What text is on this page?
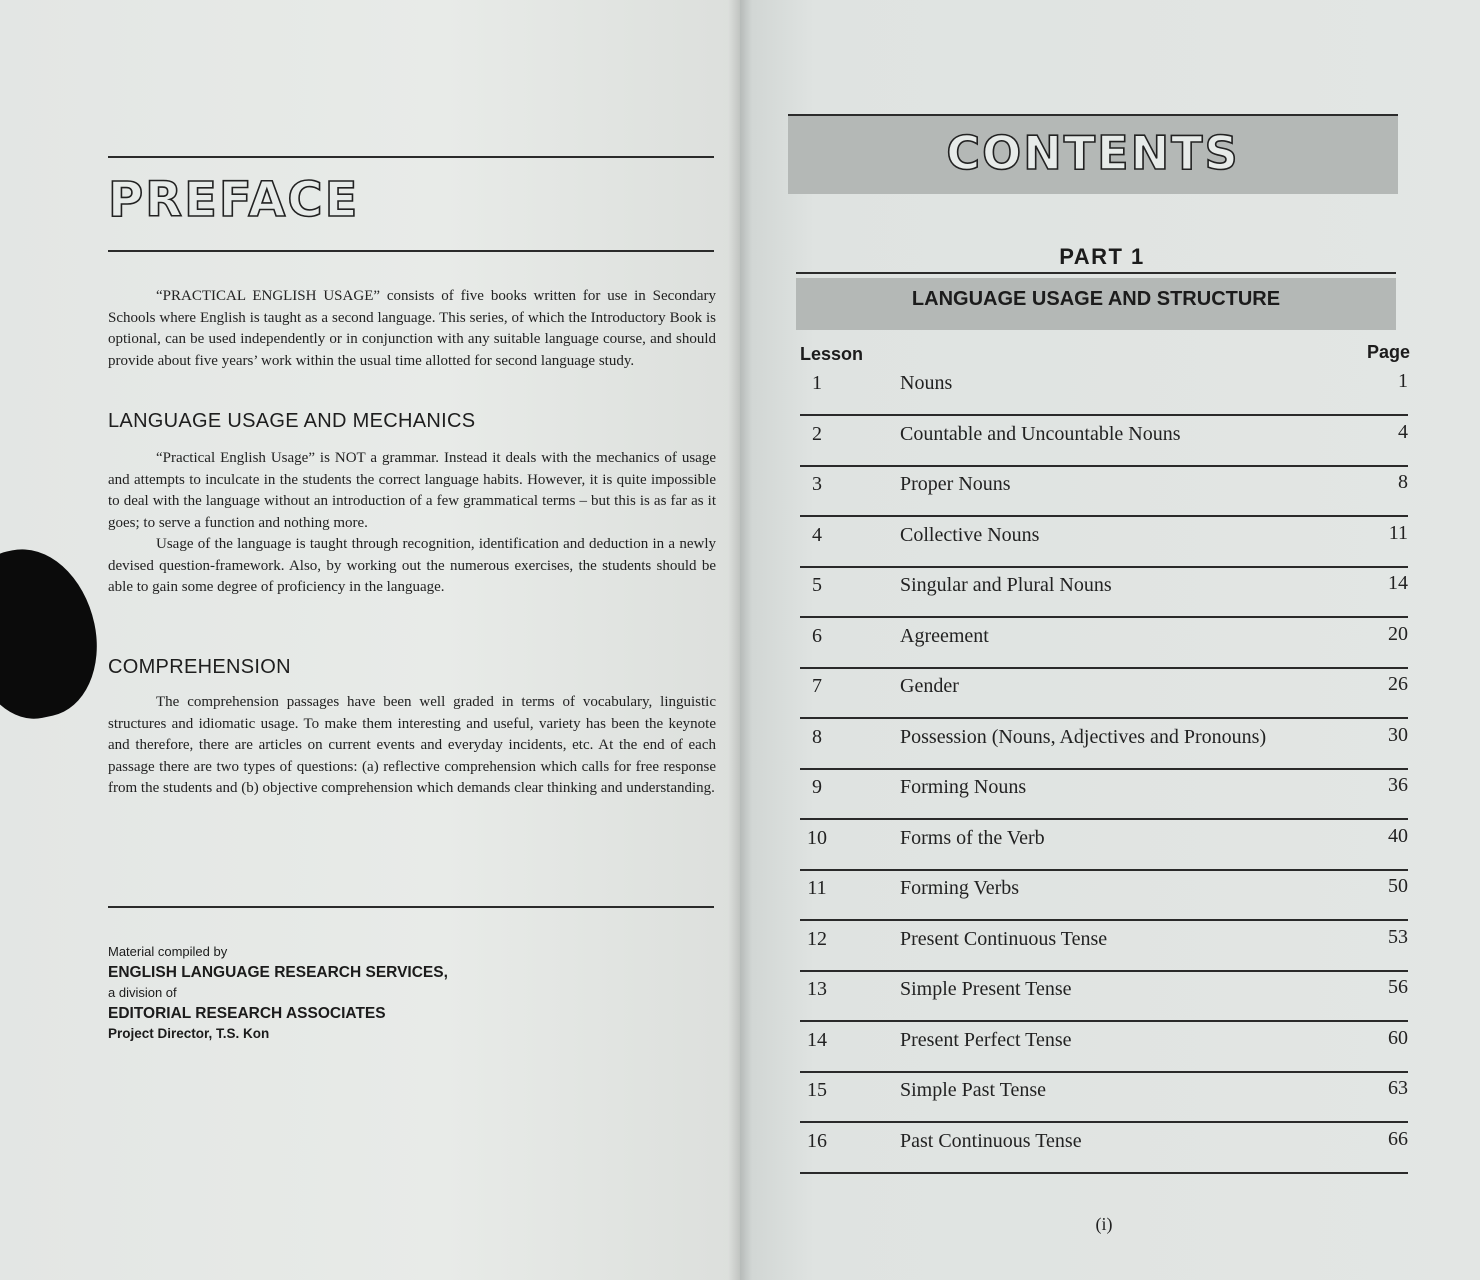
PREFACE

“PRACTICAL ENGLISH USAGE” consists of five books written for use in Secondary Schools where English is taught as a second language. This series, of which the Introductory Book is optional, can be used independently or in conjunction with any suitable language course, and should provide about five years’ work within the usual time allotted for second language study.

LANGUAGE USAGE AND MECHANICS

“Practical English Usage” is NOT a grammar. Instead it deals with the mechanics of usage and attempts to inculcate in the students the correct language habits. However, it is quite impossible to deal with the language without an introduction of a few grammatical terms – but this is as far as it goes; to serve a function and nothing more.

Usage of the language is taught through recognition, identification and deduction in a newly devised question-framework. Also, by working out the numerous exercises, the students should be able to gain some degree of proficiency in the language.

COMPREHENSION

The comprehension passages have been well graded in terms of vocabulary, linguistic structures and idiomatic usage. To make them interesting and useful, variety has been the keynote and therefore, there are articles on current events and everyday incidents, etc. At the end of each passage there are two types of questions: (a) reflective comprehension which calls for free response from the students and (b) objective comprehension which demands clear thinking and understanding.

Material compiled by
ENGLISH LANGUAGE RESEARCH SERVICES,
a division of
EDITORIAL RESEARCH ASSOCIATES
Project Director, T.S. Kon
CONTENTS
PART 1
LANGUAGE USAGE AND STRUCTURE
Lesson	Page
1	Nouns	1
2	Countable and Uncountable Nouns	4
3	Proper Nouns	8
4	Collective Nouns	11
5	Singular and Plural Nouns	14
6	Agreement	20
7	Gender	26
8	Possession (Nouns, Adjectives and Pronouns)	30
9	Forming Nouns	36
10	Forms of the Verb	40
11	Forming Verbs	50
12	Present Continuous Tense	53
13	Simple Present Tense	56
14	Present Perfect Tense	60
15	Simple Past Tense	63
16	Past Continuous Tense	66
(i)
